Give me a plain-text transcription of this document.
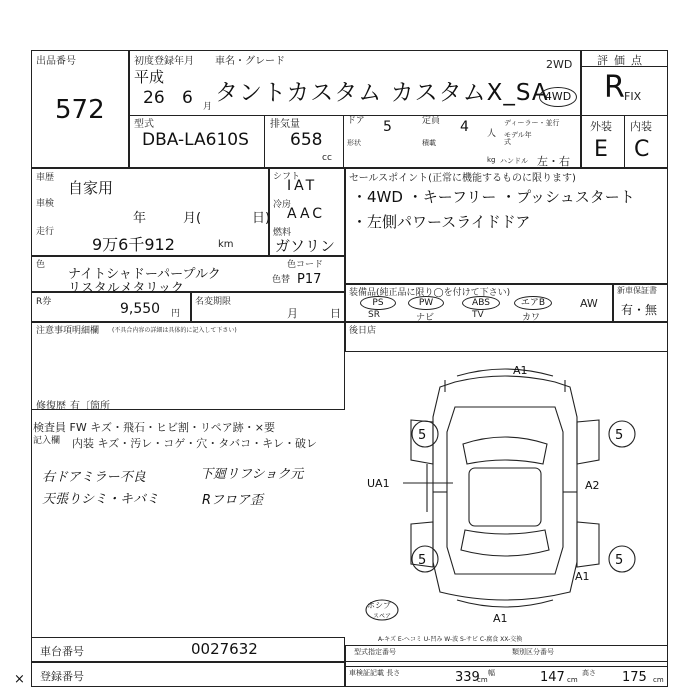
出品番号
572
初度登録年月
平成
26 6 月
車名・グレード
タントカスタム カスタムX_SA
2WD
4WD
型式
DBA-LA610S
排気量
658
cc
ドア 5	定員 4 人
ディーラー・並行
形状	積載
モデル年式
kg ハンドル 左・右
評価点
R FIX
外装 内装
E C
車歴
自家用
車検
年	月(	日)
走行
9万6千912	km
シフト
IAT
冷房
AAC
燃料
ガソリン
セールスポイント(正常に機能するものに限ります)
・4WD ・キーフリー ・プッシュスタート
・左側パワースライドドア
色
ナイトシャドーパープルク
リスタルメタリック
色コード
色替 P17
装備品(純正品に限り◯を付けて下さい)
PS	PW	ABS	エアB
SR	ナビ	TV	カワ
AW
新車保証書
有・無
R券	9,550 円
名変期限
月	日
注意事項明細欄 (不具合内容の詳細は具体的に記入して下さい)
修復歴 有〔箇所
後日店
検査員 FW キズ・飛石・ヒビ割・リペア跡・×要
記入欄 内装 キズ・汚レ・コゲ・穴・タバコ・キレ・破レ
右ドアミラー不良
天張りシミ・キバミ
下廻リフショク元
Rフロア歪
5	5
5	5
A1
UA1	A2
A1
A1
ホシプ
スペア
A-キズ E-ヘコミ U-凹み W-波 S-サビ C-腐食 XX-交換
車台番号	0027632
登録番号
×
型式指定番号	類別区分番号
車検証記載 長さ	339
cm
幅	147 cm
高さ 175 cm
